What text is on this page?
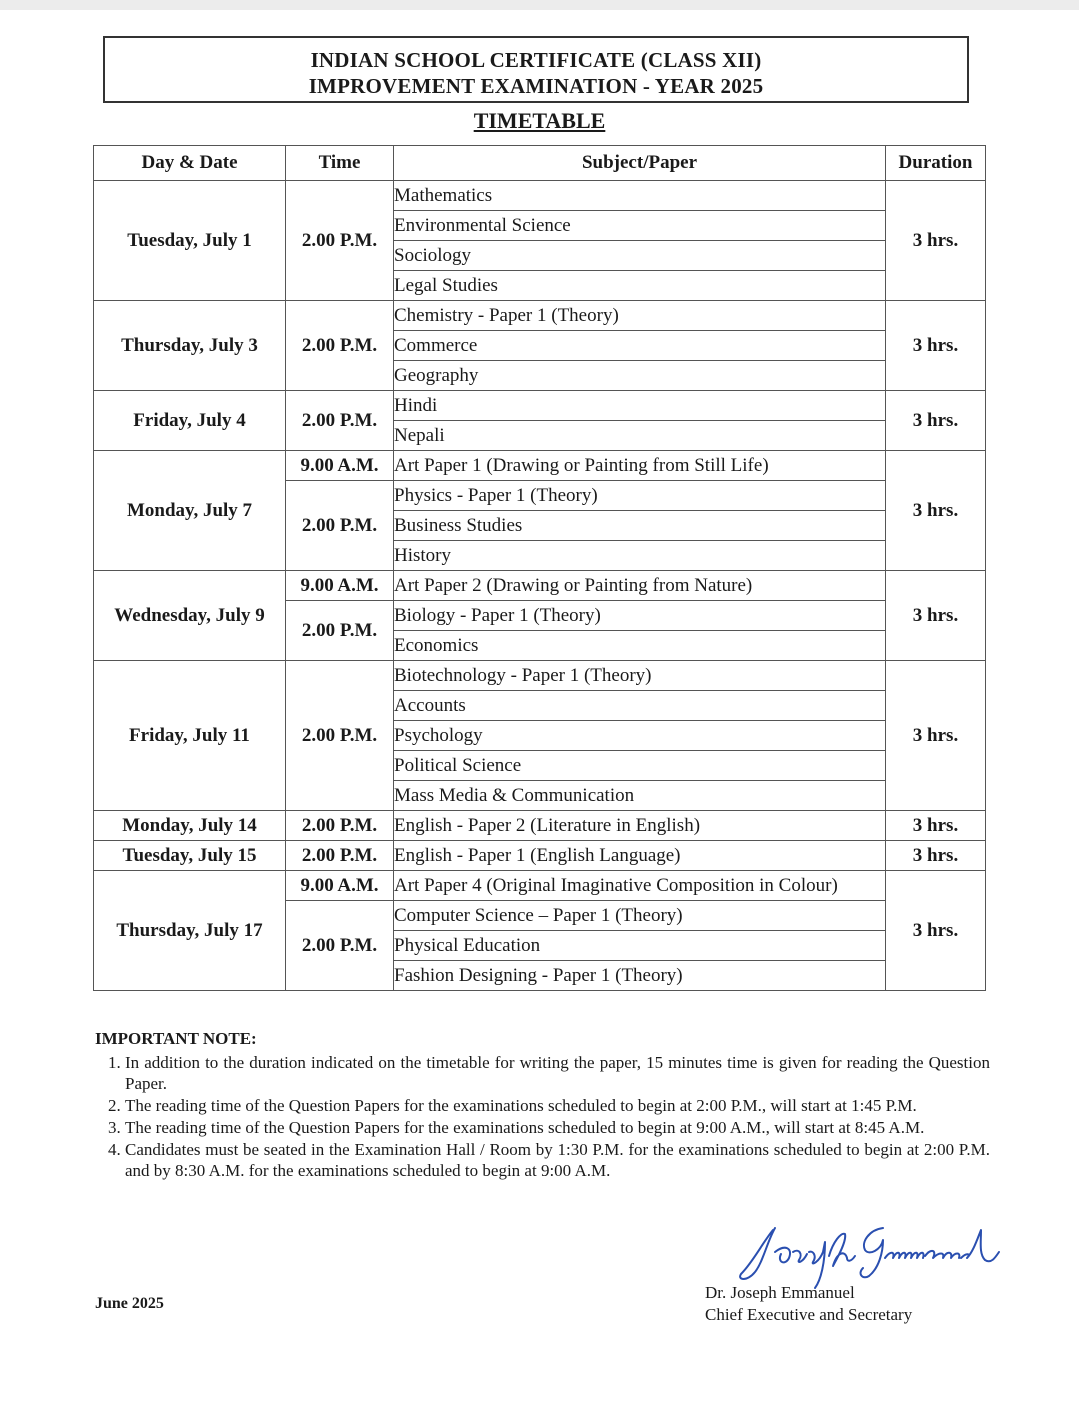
INDIAN SCHOOL CERTIFICATE (CLASS XII)
IMPROVEMENT EXAMINATION - YEAR 2025
TIMETABLE
Day & Date	Time	Subject/Paper	Duration
Tuesday, July 1	2.00 P.M.	Mathematics	3 hrs.
		Environmental Science	
		Sociology	
		Legal Studies	
Thursday, July 3	2.00 P.M.	Chemistry - Paper 1 (Theory)	3 hrs.
		Commerce	
		Geography	
Friday, July 4	2.00 P.M.	Hindi	3 hrs.
		Nepali	
Monday, July 7	9.00 A.M.	Art Paper 1 (Drawing or Painting from Still Life)	3 hrs.
	2.00 P.M.	Physics - Paper 1 (Theory)	
		Business Studies	
		History	
Wednesday, July 9	9.00 A.M.	Art Paper 2 (Drawing or Painting from Nature)	3 hrs.
	2.00 P.M.	Biology - Paper 1 (Theory)	
		Economics	
Friday, July 11	2.00 P.M.	Biotechnology - Paper 1 (Theory)	3 hrs.
		Accounts	
		Psychology	
		Political Science	
		Mass Media & Communication	
Monday, July 14	2.00 P.M.	English - Paper 2 (Literature in English)	3 hrs.
Tuesday, July 15	2.00 P.M.	English - Paper 1 (English Language)	3 hrs.
Thursday, July 17	9.00 A.M.	Art Paper 4 (Original Imaginative Composition in Colour)	3 hrs.
	2.00 P.M.	Computer Science – Paper 1 (Theory)	
		Physical Education	
		Fashion Designing - Paper 1 (Theory)	
IMPORTANT NOTE:
1. In addition to the duration indicated on the timetable for writing the paper, 15 minutes time is given for reading the Question Paper.
2. The reading time of the Question Papers for the examinations scheduled to begin at 2:00 P.M., will start at 1:45 P.M.
3. The reading time of the Question Papers for the examinations scheduled to begin at 9:00 A.M., will start at 8:45 A.M.
4. Candidates must be seated in the Examination Hall / Room by 1:30 P.M. for the examinations scheduled to begin at 2:00 P.M. and by 8:30 A.M. for the examinations scheduled to begin at 9:00 A.M.
June 2025
Dr. Joseph Emmanuel
Chief Executive and Secretary
